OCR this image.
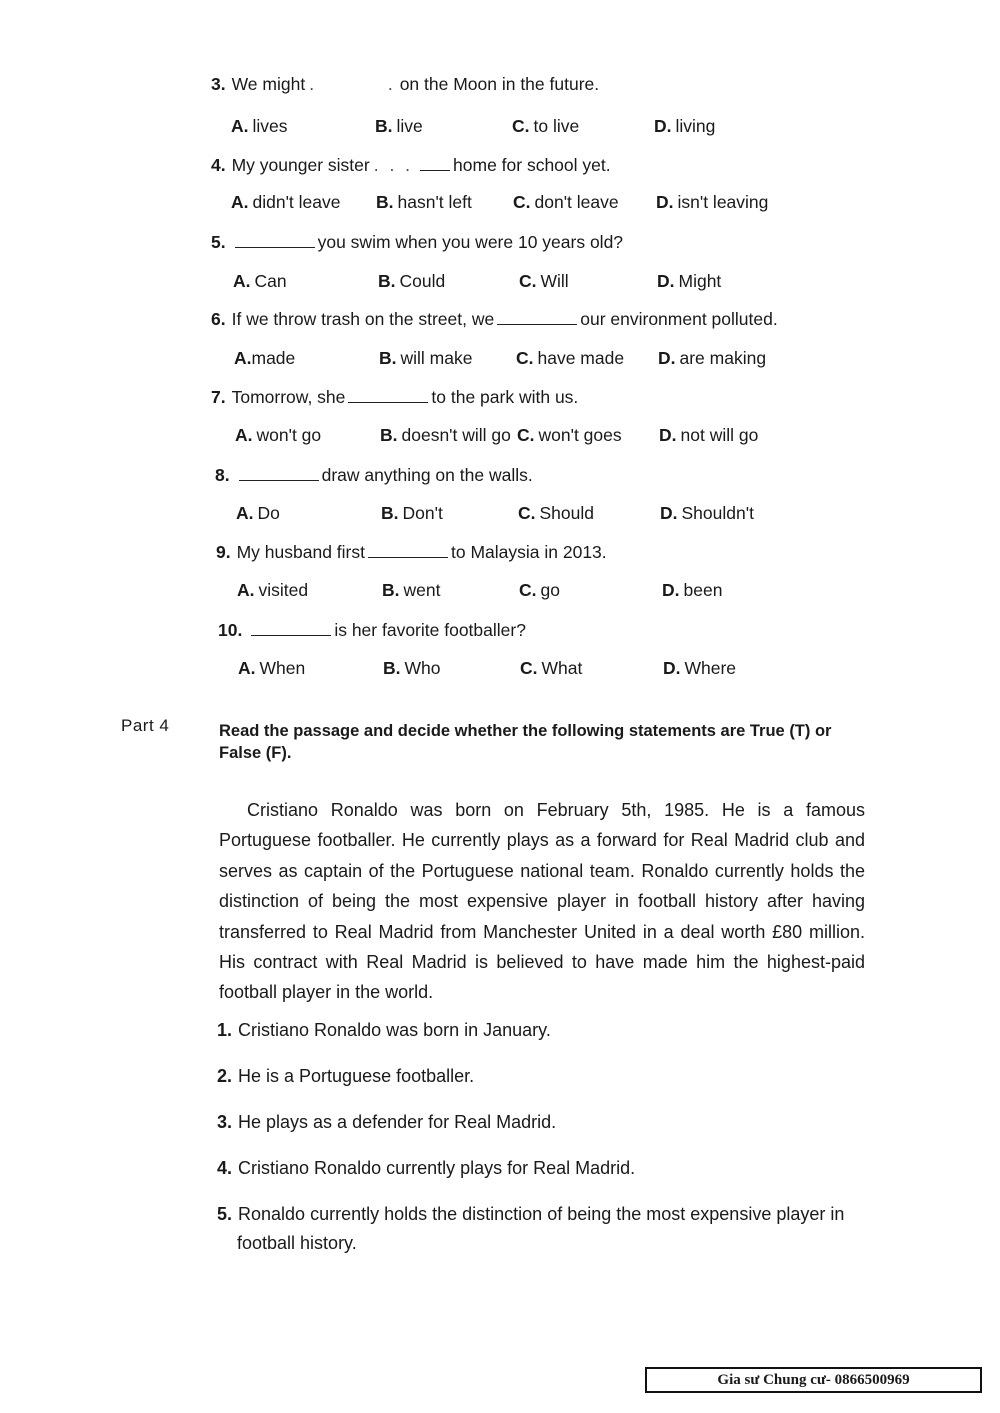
3. We might .         . on the Moon in the future.
A. lives	B. live	C. to live	D. living
4. My younger sister . . . home for school yet.
A. didn't leave B. hasn't left C. don't leave D. isn't leaving
5.	you swim when you were 10 years old?
A. Can	B. Could	C. Will	D. Might
6. If we throw trash on the street, we	our environment polluted.
A.made	B. will make C. have made D. are making
7. Tomorrow, she	to the park with us.
A. won't go	B. doesn't will go C. won't goes D. not will go
8.	draw anything on the walls.
A. Do	B. Don't	C. Should	D. Shouldn't
9. My husband first	to Malaysia in 2013.
A. visited	B. went	C. go	D. been
10.	is her favorite footballer?
A. When	B. Who	C. What	D. Where
Part 4	Read the passage and decide whether the following statements are True (T) or False (F).
Cristiano Ronaldo was born on February 5th, 1985. He is a famous Portuguese footballer. He currently plays as a forward for Real Madrid club and serves as captain of the Portuguese national team. Ronaldo currently holds the distinction of being the most expensive player in football history after having transferred to Real Madrid from Manchester United in a deal worth £80 million. His contract with Real Madrid is believed to have made him the highest-paid football player in the world.
1. Cristiano Ronaldo was born in January.
2. He is a Portuguese footballer.
3. He plays as a defender for Real Madrid.
4. Cristiano Ronaldo currently plays for Real Madrid.
5. Ronaldo currently holds the distinction of being the most expensive player in
football history.
Gia sư Chung cư- 0866500969
